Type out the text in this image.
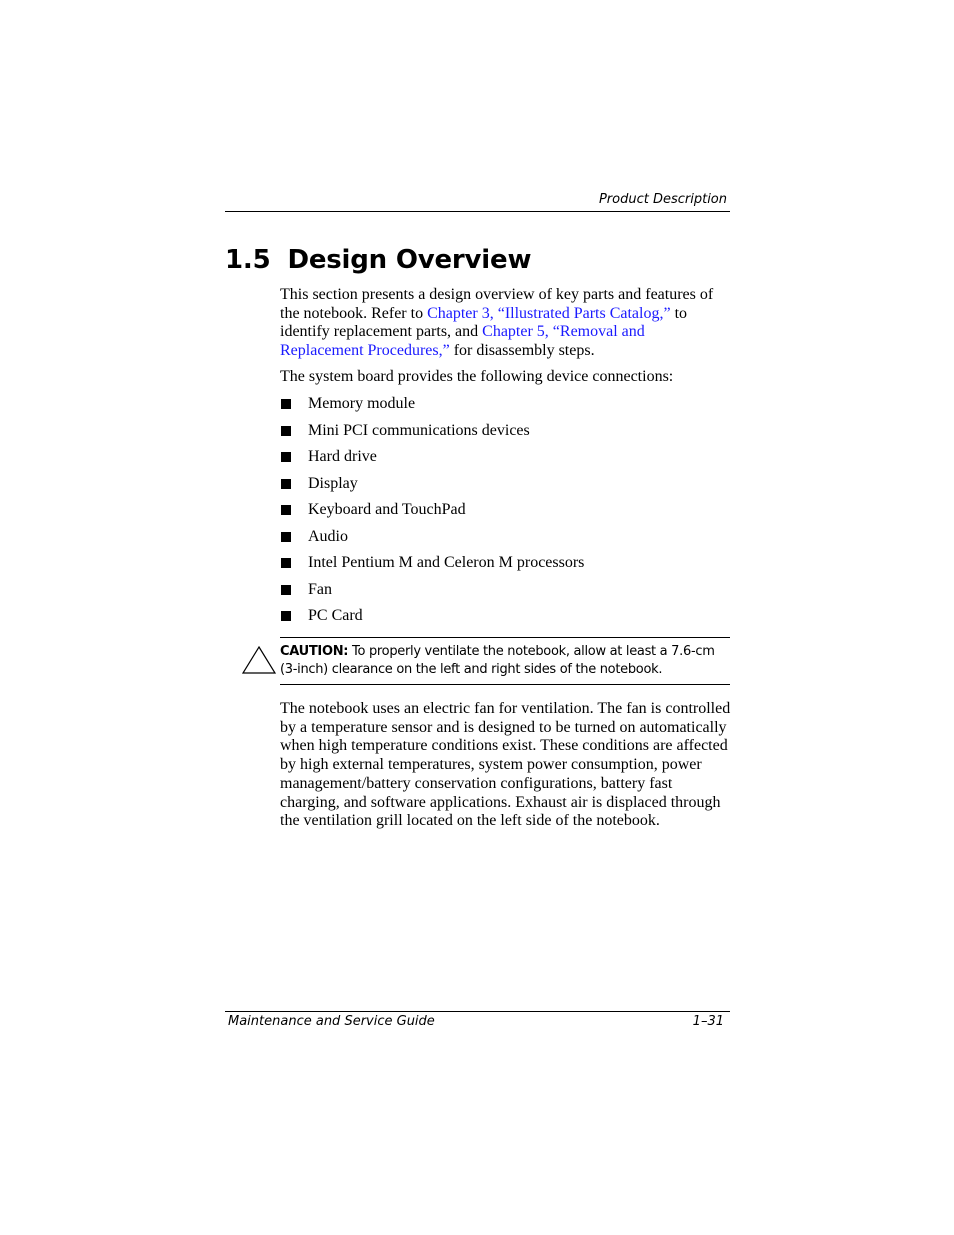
Product Description
1.5 Design Overview

This section presents a design overview of key parts and features of the notebook. Refer to Chapter 3, “Illustrated Parts Catalog,” to identify replacement parts, and Chapter 5, “Removal and Replacement Procedures,” for disassembly steps.

The system board provides the following device connections:

Memory module
Mini PCI communications devices
Hard drive
Display
Keyboard and TouchPad
Audio
Intel Pentium M and Celeron M processors
Fan
PC Card
CAUTION: To properly ventilate the notebook, allow at least a 7.6-cm (3-inch) clearance on the left and right sides of the notebook.

The notebook uses an electric fan for ventilation. The fan is controlled by a temperature sensor and is designed to be turned on automatically when high temperature conditions exist. These conditions are affected by high external temperatures, system power consumption, power management/battery conservation configurations, battery fast charging, and software applications. Exhaust air is displaced through the ventilation grill located on the left side of the notebook.

Maintenance and Service Guide	1–31
